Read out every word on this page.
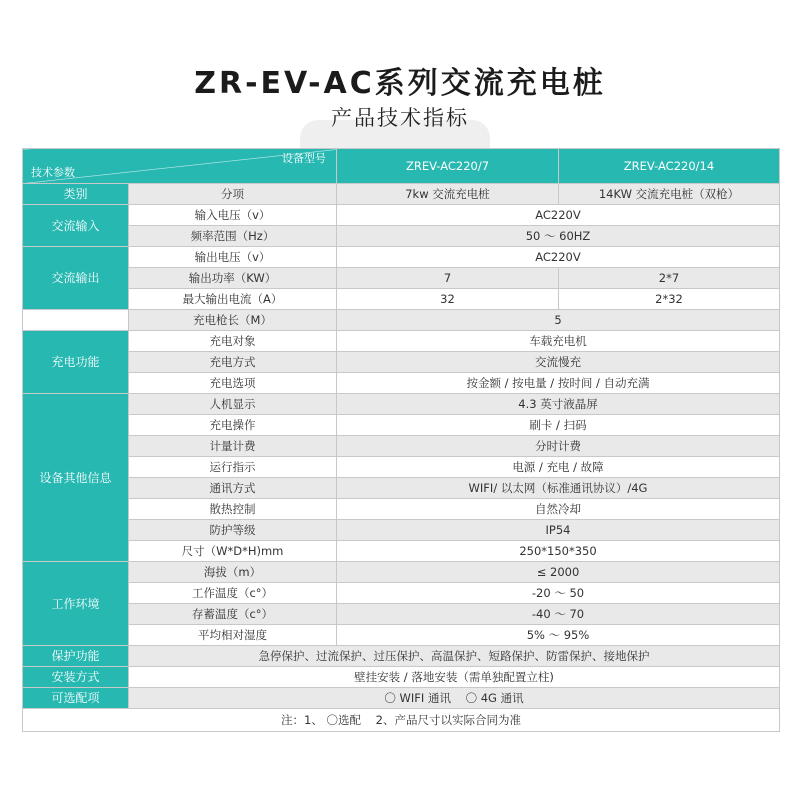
ZR-EV-AC系列交流充电桩
产品技术指标
设备型号
技术参数		ZREV-AC220/7	ZREV-AC220/14
类别	分项	7kw 交流充电桩	14KW 交流充电桩（双枪）
交流输入	输入电压（v）	AC220V	
	频率范围（Hz）	50 ～ 60HZ	
交流输出	输出电压（v）	AC220V	
	输出功率（KW）	7	2*7
	最大输出电流（A）	32	2*32
	充电枪长（M）	5	
充电功能	充电对象	车载充电机	
	充电方式	交流慢充	
	充电选项	按金额 / 按电量 / 按时间 / 自动充满	
设备其他信息	人机显示	4.3 英寸液晶屏	
	充电操作	刷卡 / 扫码	
	计量计费	分时计费	
	运行指示	电源 / 充电 / 故障	
	通讯方式	WIFI/ 以太网（标准通讯协议）/4G	
	散热控制	自然冷却	
	防护等级	IP54	
	尺寸（W*D*H)mm	250*150*350	
工作环境	海拔（m）	≤ 2000	
	工作温度（c°）	-20 ～ 50	
	存蓄温度（c°）	-40 ～ 70	
	平均相对湿度	5% ～ 95%	
保护功能	急停保护、过流保护、过压保护、高温保护、短路保护、防雷保护、接地保护		
安装方式	壁挂安装 / 落地安装（需单独配置立柱)		
可选配项	〇 WIFI 通讯    〇 4G 通讯		
注：1、 〇选配    2、产品尺寸以实际合同为准			
